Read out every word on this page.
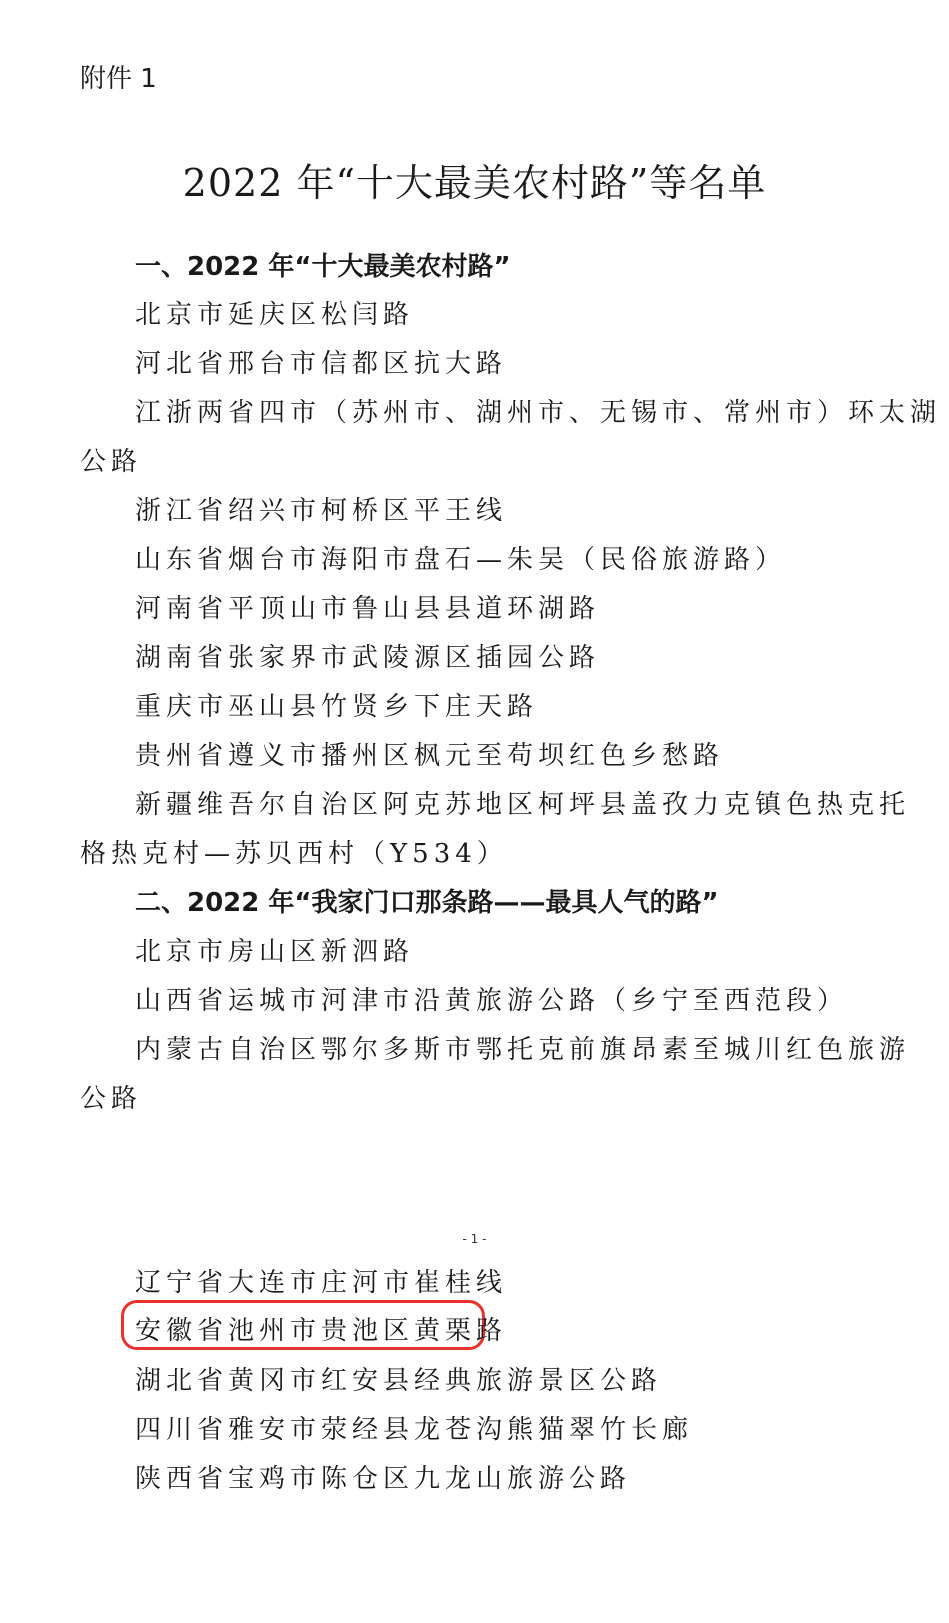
附件 1
2022 年“十大最美农村路”等名单
一、2022 年“十大最美农村路”
北京市延庆区松闫路
河北省邢台市信都区抗大路
江浙两省四市（苏州市、湖州市、无锡市、常州市）环太湖
公路
浙江省绍兴市柯桥区平王线
山东省烟台市海阳市盘石—朱吴（民俗旅游路）
河南省平顶山市鲁山县县道环湖路
湖南省张家界市武陵源区插园公路
重庆市巫山县竹贤乡下庄天路
贵州省遵义市播州区枫元至苟坝红色乡愁路
新疆维吾尔自治区阿克苏地区柯坪县盖孜力克镇色热克托
格热克村—苏贝西村（Y534）
二、2022 年“我家门口那条路——最具人气的路”
北京市房山区新泗路
山西省运城市河津市沿黄旅游公路（乡宁至西范段）
内蒙古自治区鄂尔多斯市鄂托克前旗昂素至城川红色旅游
公路
- 1 -
辽宁省大连市庄河市崔桂线
安徽省池州市贵池区黄栗路
湖北省黄冈市红安县经典旅游景区公路
四川省雅安市荥经县龙苍沟熊猫翠竹长廊
陕西省宝鸡市陈仓区九龙山旅游公路
